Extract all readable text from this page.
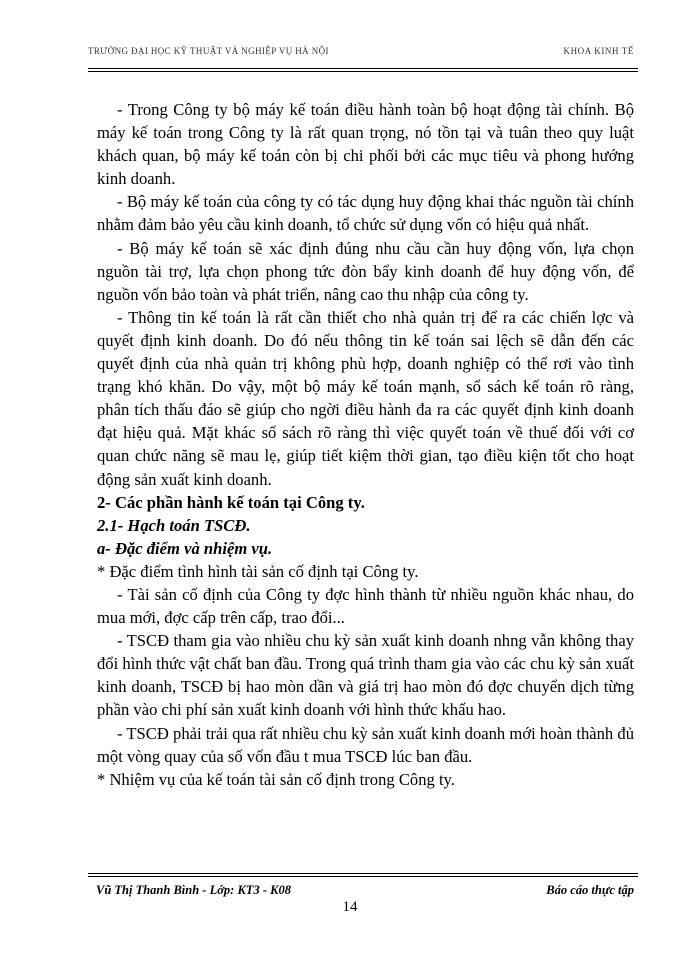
TRƯỜNG ĐẠI HỌC KỸ THUẬT VÀ NGHIỆP VỤ HÀ NỘI	KHOA KINH TẾ

- Trong Công ty bộ máy kế toán điều hành toàn bộ hoạt động tài chính. Bộ máy kế toán trong Công ty là rất quan trọng, nó tồn tại và tuân theo quy luật khách quan, bộ máy kế toán còn bị chi phối bởi các mục tiêu và phong hướng kinh doanh.

- Bộ máy kế toán của công ty có tác dụng huy động khai thác nguồn tài chính nhằm đảm bảo yêu cầu kinh doanh, tổ chức sử dụng vốn có hiệu quả nhất.

- Bộ máy kế toán sẽ xác định đúng nhu cầu cần huy động vốn, lựa chọn nguồn tài trợ, lựa chọn phong tức đòn bẩy kinh doanh để huy động vốn, để nguồn vốn bảo toàn và phát triển, nâng cao thu nhập của công ty.

- Thông tin kế toán là rất cần thiết cho nhà quản trị để ra các chiến lợc và quyết định kinh doanh. Do đó nếu thông tin kế toán sai lệch sẽ dẫn đến các quyết định của nhà quản trị không phù hợp, doanh nghiệp có thể rơi vào tình trạng khó khăn. Do vậy, một bộ máy kế toán mạnh, sổ sách kế toán rõ ràng, phân tích thấu đáo sẽ giúp cho ngời điều hành đa ra các quyết định kinh doanh đạt hiệu quả. Mặt khác sổ sách rõ ràng thì việc quyết toán về thuế đối với cơ quan chức năng sẽ mau lẹ, giúp tiết kiệm thời gian, tạo điều kiện tốt cho hoạt động sản xuất kinh doanh.

2- Các phần hành kế toán tại Công ty.

2.1- Hạch toán TSCĐ.

a- Đặc điểm và nhiệm vụ.

* Đặc điểm tình hình tài sản cố định tại Công ty.

- Tài sản cố định của Công ty đợc hình thành từ nhiều nguồn khác nhau, do mua mới, đợc cấp trên cấp, trao đổi...

- TSCĐ tham gia vào nhiều chu kỳ sản xuất kinh doanh nhng vẫn không thay đổi hình thức vật chất ban đầu. Trong quá trình tham gia vào các chu kỳ sản xuất kinh doanh, TSCĐ bị hao mòn dần và giá trị hao mòn đó đợc chuyển dịch từng phần vào chi phí sản xuất kinh doanh với hình thức khấu hao.

- TSCĐ phải trải qua rất nhiều chu kỳ sản xuất kinh doanh mới hoàn thành đủ một vòng quay của số vốn đầu t mua TSCĐ lúc ban đầu.

* Nhiệm vụ của kế toán tài sản cố định trong Công ty.

Vũ Thị Thanh Bình - Lớp: KT3 - K08	Báo cáo thực tập
14
